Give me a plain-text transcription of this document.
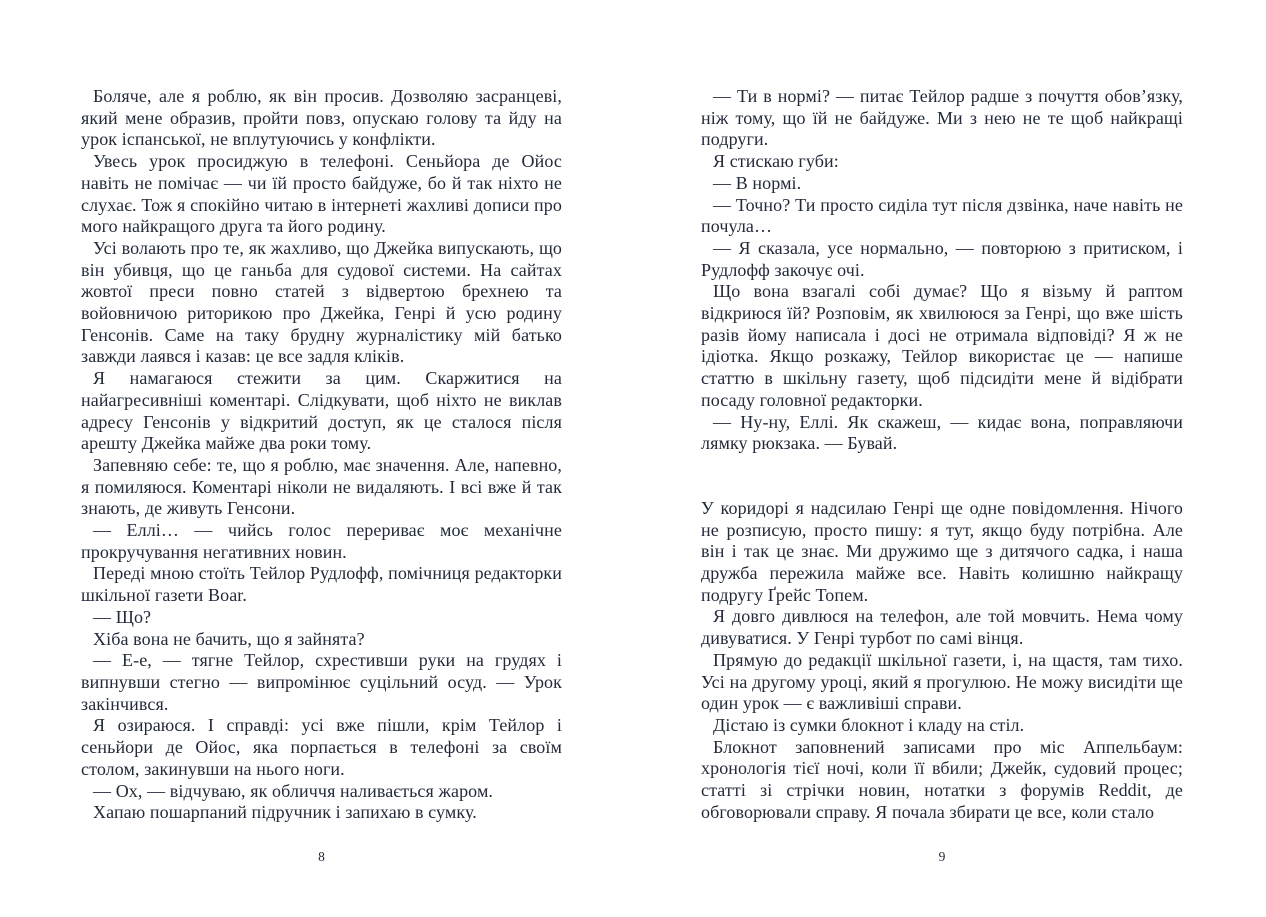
Боляче, але я роблю, як він просив. Дозволяю засранцеві, який мене образив, пройти повз, опускаю голову та йду на урок іспанської, не вплутуючись у конфлікти.

Увесь урок просиджую в телефоні. Сеньйора де Ойос навіть не помічає — чи їй просто байдуже, бо й так ніхто не слухає. Тож я спокійно читаю в інтернеті жахливі дописи про мого найкращого друга та його родину.

Усі волають про те, як жахливо, що Джейка випускають, що він убивця, що це ганьба для судової системи. На сайтах жовтої преси повно статей з відвертою брехнею та войовничою риторикою про Джейка, Генрі й усю родину Генсонів. Саме на таку брудну журналістику мій батько завжди лаявся і казав: це все задля кліків.

Я намагаюся стежити за цим. Скаржитися на найагресивніші коментарі. Слідкувати, щоб ніхто не виклав адресу Генсонів у відкритий доступ, як це сталося після арешту Джейка майже два роки тому.

Запевняю себе: те, що я роблю, має значення. Але, напевно, я помиляюся. Коментарі ніколи не видаляють. І всі вже й так знають, де живуть Генсони.

— Еллі… — чийсь голос перериває моє механічне прокручування негативних новин.

Переді мною стоїть Тейлор Рудлофф, помічниця редакторки шкільної газети Boar.

— Що?

Хіба вона не бачить, що я зайнята?

— Е-е, — тягне Тейлор, схрестивши руки на грудях і випнувши стегно — випромінює суцільний осуд. — Урок закінчився.

Я озираюся. І справді: усі вже пішли, крім Тейлор і сеньйори де Ойос, яка порпається в телефоні за своїм столом, закинувши на нього ноги.

— Ох, — відчуваю, як обличчя наливається жаром.

Хапаю пошарпаний підручник і запихаю в сумку.

— Ти в нормі? — питає Тейлор радше з почуття обов’язку, ніж тому, що їй не байдуже. Ми з нею не те щоб найкращі подруги.

Я стискаю губи:

— В нормі.

— Точно? Ти просто сиділа тут після дзвінка, наче навіть не почула…

— Я сказала, усе нормально, — повторюю з притиском, і Рудлофф закочує очі.

Що вона взагалі собі думає? Що я візьму й раптом відкриюся їй? Розповім, як хвилююся за Генрі, що вже шість разів йому написала і досі не отримала відповіді? Я ж не ідіотка. Якщо розкажу, Тейлор використає це — напише статтю в шкільну газету, щоб підсидіти мене й відібрати посаду головної редакторки.

— Ну-ну, Еллі. Як скажеш, — кидає вона, поправляючи лямку рюкзака. — Бувай.

У коридорі я надсилаю Генрі ще одне повідомлення. Нічого не розписую, просто пишу: я тут, якщо буду потрібна. Але він і так це знає. Ми дружимо ще з дитячого садка, і наша дружба пережила майже все. Навіть колишню найкращу подругу Ґрейс Топем.

Я довго дивлюся на телефон, але той мовчить. Нема чому дивуватися. У Генрі турбот по самі вінця.

Прямую до редакції шкільної газети, і, на щастя, там тихо. Усі на другому уроці, який я прогулюю. Не можу висидіти ще один урок — є важливіші справи.

Дістаю із сумки блокнот і кладу на стіл.

Блокнот заповнений записами про міс Аппельбаум: хронологія тієї ночі, коли її вбили; Джейк, судовий процес; статті зі стрічки новин, нотатки з форумів Reddit, де обговорювали справу. Я почала збирати це все, коли стало

8	9
